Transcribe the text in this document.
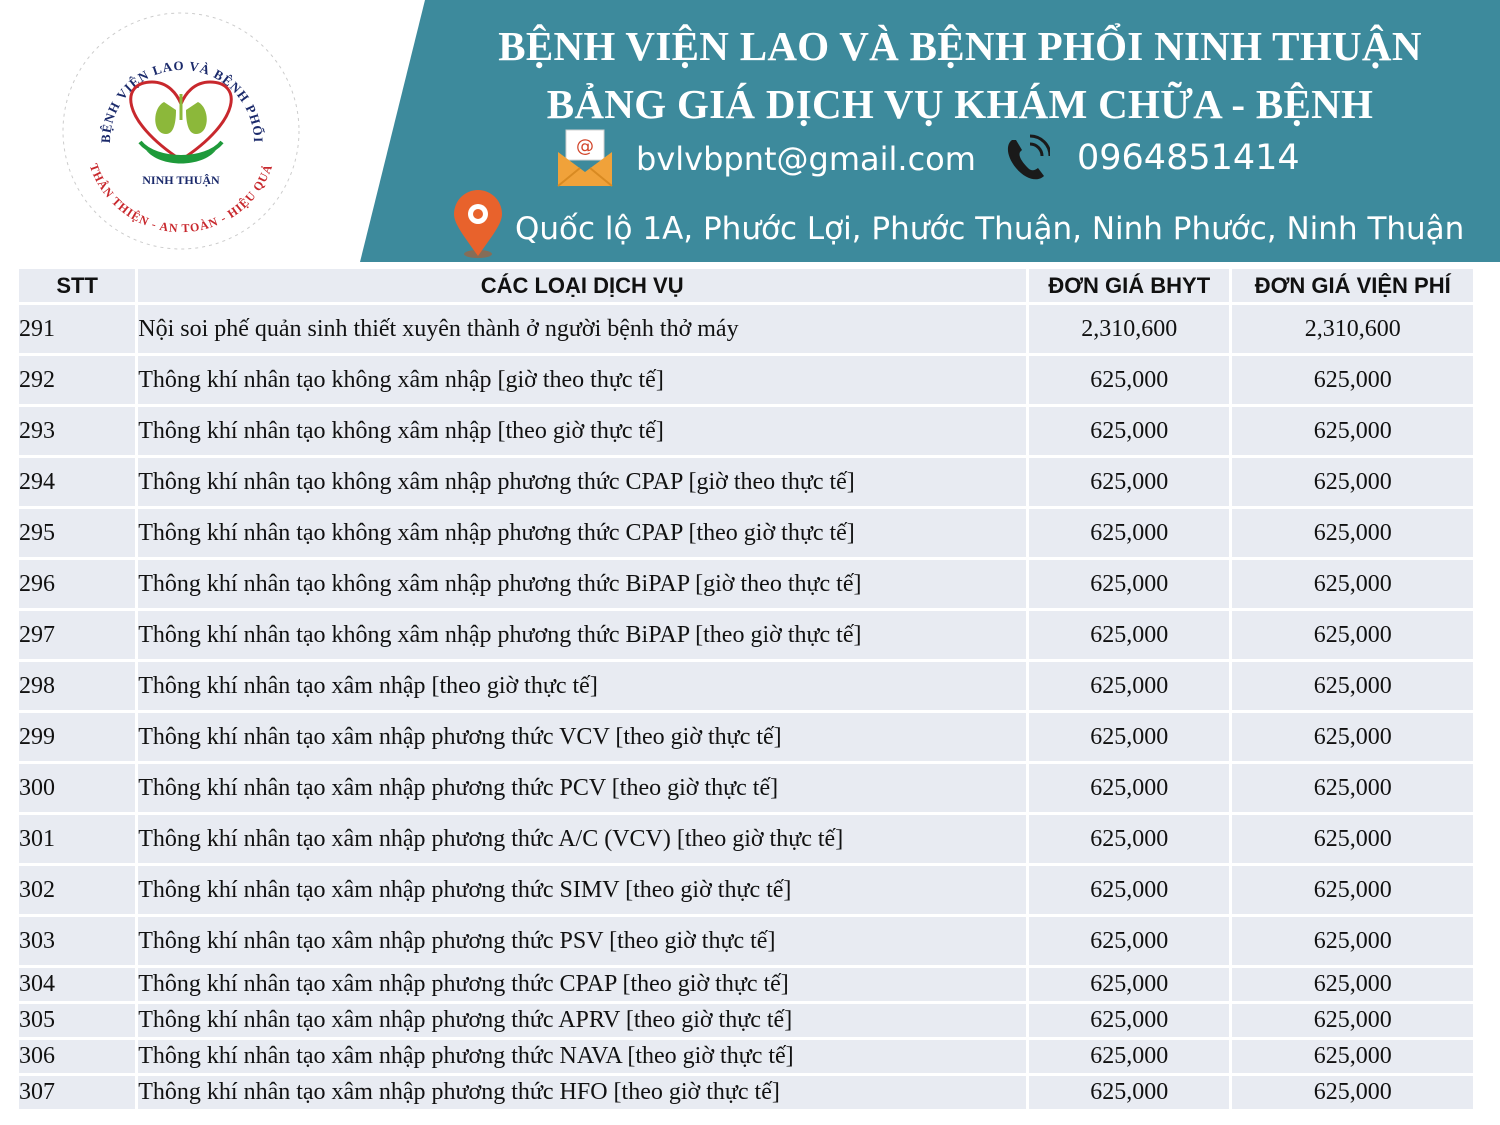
BỆNH VIỆN LAO VÀ BỆNH PHỔI
THÂN THIỆN - AN TOÀN - HIỆU QUẢ
NINH THUẬN
BỆNH VIỆN LAO VÀ BỆNH PHỔI NINH THUẬN
BẢNG GIÁ DỊCH VỤ KHÁM CHỮA - BỆNH
@ bvlvbpnt@gmail.com	0964851414
Quốc lộ 1A, Phước Lợi, Phước Thuận, Ninh Phước, Ninh Thuận
STT	CÁC LOẠI DỊCH VỤ	ĐƠN GIÁ BHYT	ĐƠN GIÁ VIỆN PHÍ
291	Nội soi phế quản sinh thiết xuyên thành ở người bệnh thở máy	2,310,600	2,310,600
292	Thông khí nhân tạo không xâm nhập [giờ theo thực tế]	625,000	625,000
293	Thông khí nhân tạo không xâm nhập [theo giờ thực tế]	625,000	625,000
294	Thông khí nhân tạo không xâm nhập phương thức CPAP [giờ theo thực tế]	625,000	625,000
295	Thông khí nhân tạo không xâm nhập phương thức CPAP [theo giờ thực tế]	625,000	625,000
296	Thông khí nhân tạo không xâm nhập phương thức BiPAP [giờ theo thực tế]	625,000	625,000
297	Thông khí nhân tạo không xâm nhập phương thức BiPAP [theo giờ thực tế]	625,000	625,000
298	Thông khí nhân tạo xâm nhập [theo giờ thực tế]	625,000	625,000
299	Thông khí nhân tạo xâm nhập phương thức VCV [theo giờ thực tế]	625,000	625,000
300	Thông khí nhân tạo xâm nhập phương thức PCV [theo giờ thực tế]	625,000	625,000
301	Thông khí nhân tạo xâm nhập phương thức A/C (VCV) [theo giờ thực tế]	625,000	625,000
302	Thông khí nhân tạo xâm nhập phương thức SIMV [theo giờ thực tế]	625,000	625,000
303	Thông khí nhân tạo xâm nhập phương thức PSV [theo giờ thực tế]	625,000	625,000
304	Thông khí nhân tạo xâm nhập phương thức CPAP [theo giờ thực tế]	625,000	625,000
305	Thông khí nhân tạo xâm nhập phương thức APRV [theo giờ thực tế]	625,000	625,000
306	Thông khí nhân tạo xâm nhập phương thức NAVA [theo giờ thực tế]	625,000	625,000
307	Thông khí nhân tạo xâm nhập phương thức HFO [theo giờ thực tế]	625,000	625,000
